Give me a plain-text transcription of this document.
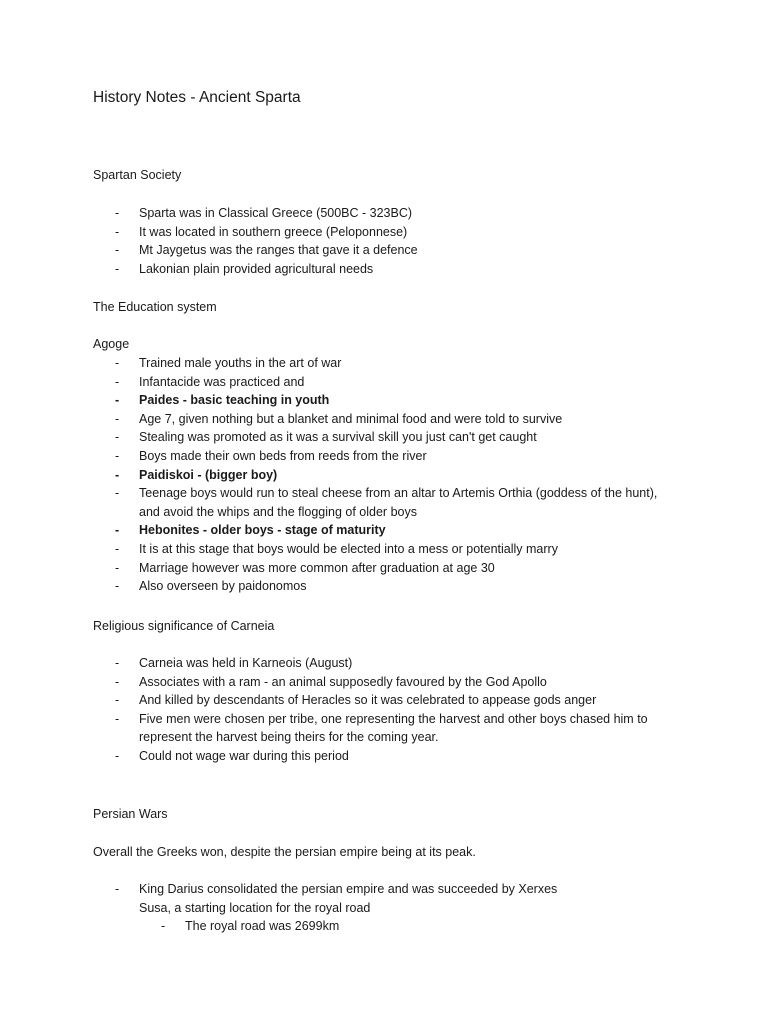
History Notes - Ancient Sparta

Spartan Society

- Sparta was in Classical Greece (500BC - 323BC)
- It was located in southern greece (Peloponnese)
- Mt Jaygetus was the ranges that gave it a defence
- Lakonian plain provided agricultural needs

The Education system

Agoge

- Trained male youths in the art of war
- Infantacide was practiced and
- Paides - basic teaching in youth
- Age 7, given nothing but a blanket and minimal food and were told to survive
- Stealing was promoted as it was a survival skill you just can't get caught
- Boys made their own beds from reeds from the river
- Paidiskoi - (bigger boy)
- Teenage boys would run to steal cheese from an altar to Artemis Orthia (goddess of the hunt), and avoid the whips and the flogging of older boys
- Hebonites - older boys - stage of maturity
- It is at this stage that boys would be elected into a mess or potentially marry
- Marriage however was more common after graduation at age 30
- Also overseen by paidonomos

Religious significance of Carneia

- Carneia was held in Karneois (August)
- Associates with a ram - an animal supposedly favoured by the God Apollo
- And killed by descendants of Heracles so it was celebrated to appease gods anger
- Five men were chosen per tribe, one representing the harvest and other boys chased him to represent the harvest being theirs for the coming year.
- Could not wage war during this period

Persian Wars

Overall the Greeks won, despite the persian empire being at its peak.

- King Darius consolidated the persian empire and was succeeded by Xerxes
Susa, a starting location for the royal road
- The royal road was 2699km
